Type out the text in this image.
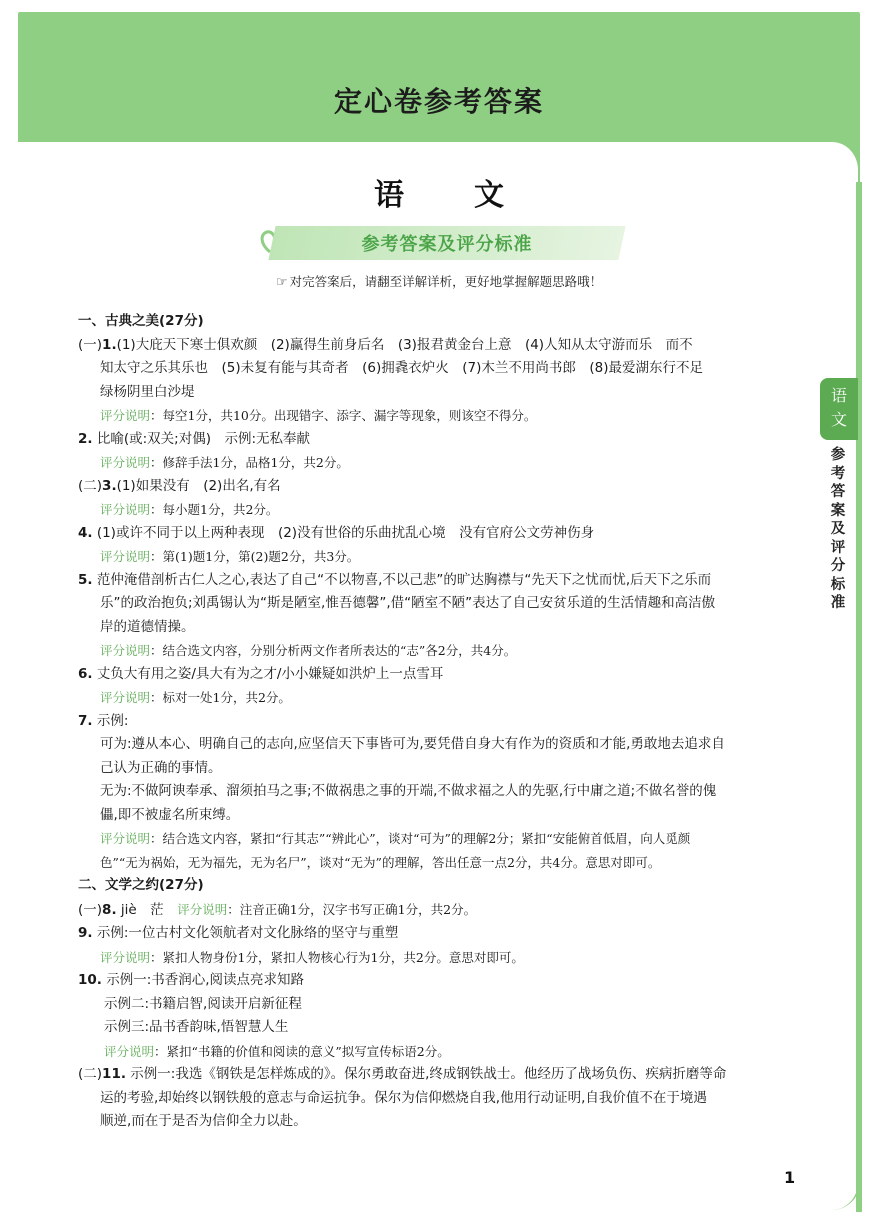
定心卷参考答案
语文
参考答案及评分标准
☞ 对完答案后，请翻至详解详析，更好地掌握解题思路哦！
语
文
参
考
答
案
及
评
分
标
准

一、古典之美(27分)

(一)1.(1)大庇天下寒士俱欢颜　(2)赢得生前身后名　(3)报君黄金台上意　(4)人知从太守游而乐　而不

知太守之乐其乐也　(5)未复有能与其奇者　(6)拥毳衣炉火　(7)木兰不用尚书郎　(8)最爱湖东行不足

绿杨阴里白沙堤

评分说明：每空1分，共10分。出现错字、添字、漏字等现象，则该空不得分。

2. 比喻(或:双关;对偶)　示例:无私奉献

评分说明：修辞手法1分，品格1分，共2分。

(二)3.(1)如果没有　(2)出名,有名

评分说明：每小题1分，共2分。

4. (1)或许不同于以上两种表现　(2)没有世俗的乐曲扰乱心境　没有官府公文劳神伤身

评分说明：第(1)题1分，第(2)题2分，共3分。

5. 范仲淹借剖析古仁人之心,表达了自己“不以物喜,不以己悲”的旷达胸襟与“先天下之忧而忧,后天下之乐而

乐”的政治抱负;刘禹锡认为“斯是陋室,惟吾德馨”,借“陋室不陋”表达了自己安贫乐道的生活情趣和高洁傲

岸的道德情操。

评分说明：结合选文内容，分别分析两文作者所表达的“志”各2分，共4分。

6. 丈负大有用之姿/具大有为之才/小小嫌疑如洪炉上一点雪耳

评分说明：标对一处1分，共2分。

7. 示例:

可为:遵从本心、明确自己的志向,应坚信天下事皆可为,要凭借自身大有作为的资质和才能,勇敢地去追求自

己认为正确的事情。

无为:不做阿谀奉承、溜须拍马之事;不做祸患之事的开端,不做求福之人的先驱,行中庸之道;不做名誉的傀

儡,即不被虚名所束缚。

评分说明：结合选文内容，紧扣“行其志”“辨此心”，谈对“可为”的理解2分；紧扣“安能俯首低眉，向人觅颜

色”“无为祸始，无为福先，无为名尸”，谈对“无为”的理解，答出任意一点2分，共4分。意思对即可。

二、文学之约(27分)

(一)8. jiè　茫　 评分说明：注音正确1分，汉字书写正确1分，共2分。

9. 示例:一位古村文化领航者对文化脉络的坚守与重塑

评分说明：紧扣人物身份1分，紧扣人物核心行为1分，共2分。意思对即可。

10. 示例一:书香润心,阅读点亮求知路

示例二:书籍启智,阅读开启新征程

示例三:品书香韵味,悟智慧人生

评分说明：紧扣“书籍的价值和阅读的意义”拟写宣传标语2分。

(二)11. 示例一:我选《钢铁是怎样炼成的》。保尔勇敢奋进,终成钢铁战士。他经历了战场负伤、疾病折磨等命

运的考验,却始终以钢铁般的意志与命运抗争。保尔为信仰燃烧自我,他用行动证明,自我价值不在于境遇

顺逆,而在于是否为信仰全力以赴。

1
